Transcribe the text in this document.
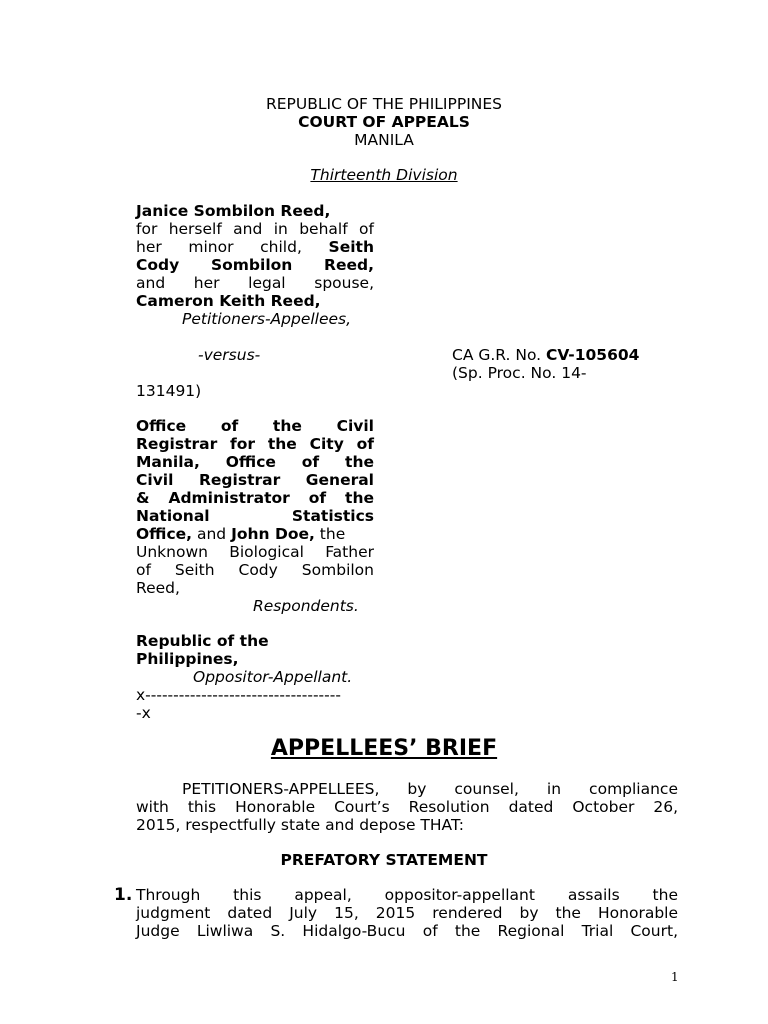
REPUBLIC OF THE PHILIPPINES
COURT OF APPEALS
MANILA
Thirteenth Division
Janice Sombilon Reed,
for herself and in behalf of
her minor child, Seith
Cody Sombilon Reed,
and her legal spouse,
Cameron Keith Reed,
Petitioners-Appellees,
-versus-	CA G.R. No. CV-105604
(Sp. Proc. No. 14-
131491)
Office of the Civil
Registrar for the City of
Manila, Office of the
Civil Registrar General
& Administrator of the
National Statistics
Office, and John Doe, the
Unknown Biological Father
of Seith Cody Sombilon
Reed,
Respondents.
Republic of the
Philippines,
Oppositor-Appellant.
x-----------------------------------
-x
APPELLEES’ BRIEF
PETITIONERS-APPELLEES, by counsel, in compliance
with this Honorable Court’s Resolution dated October 26,
2015, respectfully state and depose THAT:
PREFATORY STATEMENT
1. Through this appeal, oppositor-appellant assails the
judgment dated July 15, 2015 rendered by the Honorable
Judge Liwliwa S. Hidalgo-Bucu of the Regional Trial Court,
1
